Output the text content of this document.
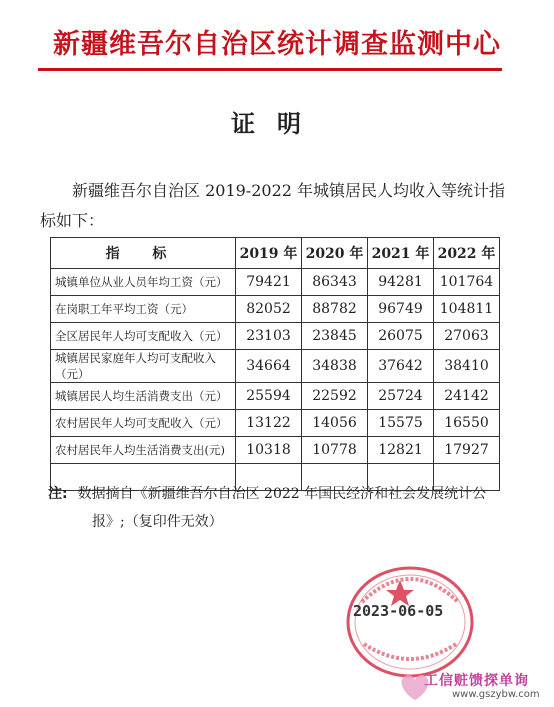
新疆维吾尔自治区统计调查监测中心
证明
新疆维吾尔自治区 2019-2022 年城镇居民人均收入等统计指标如下：
指 标	2019 年	2020 年	2021 年	2022 年
城镇单位从业人员年均工资（元）	79421	86343	94281	101764
在岗职工年平均工资（元）	82052	88782	96749	104811
全区居民年人均可支配收入（元）	23103	23845	26075	27063
城镇居民家庭年人均可支配收入（元）	34664	34838	37642	38410
城镇居民人均生活消费支出（元）	25594	22592	25724	24142
农村居民年人均可支配收入（元）	13122	14056	15575	16550
农村居民年人均生活消费支出(元)	10318	10778	12821	17927

注: 数据摘自《新疆维吾尔自治区 2022 年国民经济和社会发展统计公
报》;（复印件无效）
2023-06-05
工信赃馈探单询
www.gszybw.com
